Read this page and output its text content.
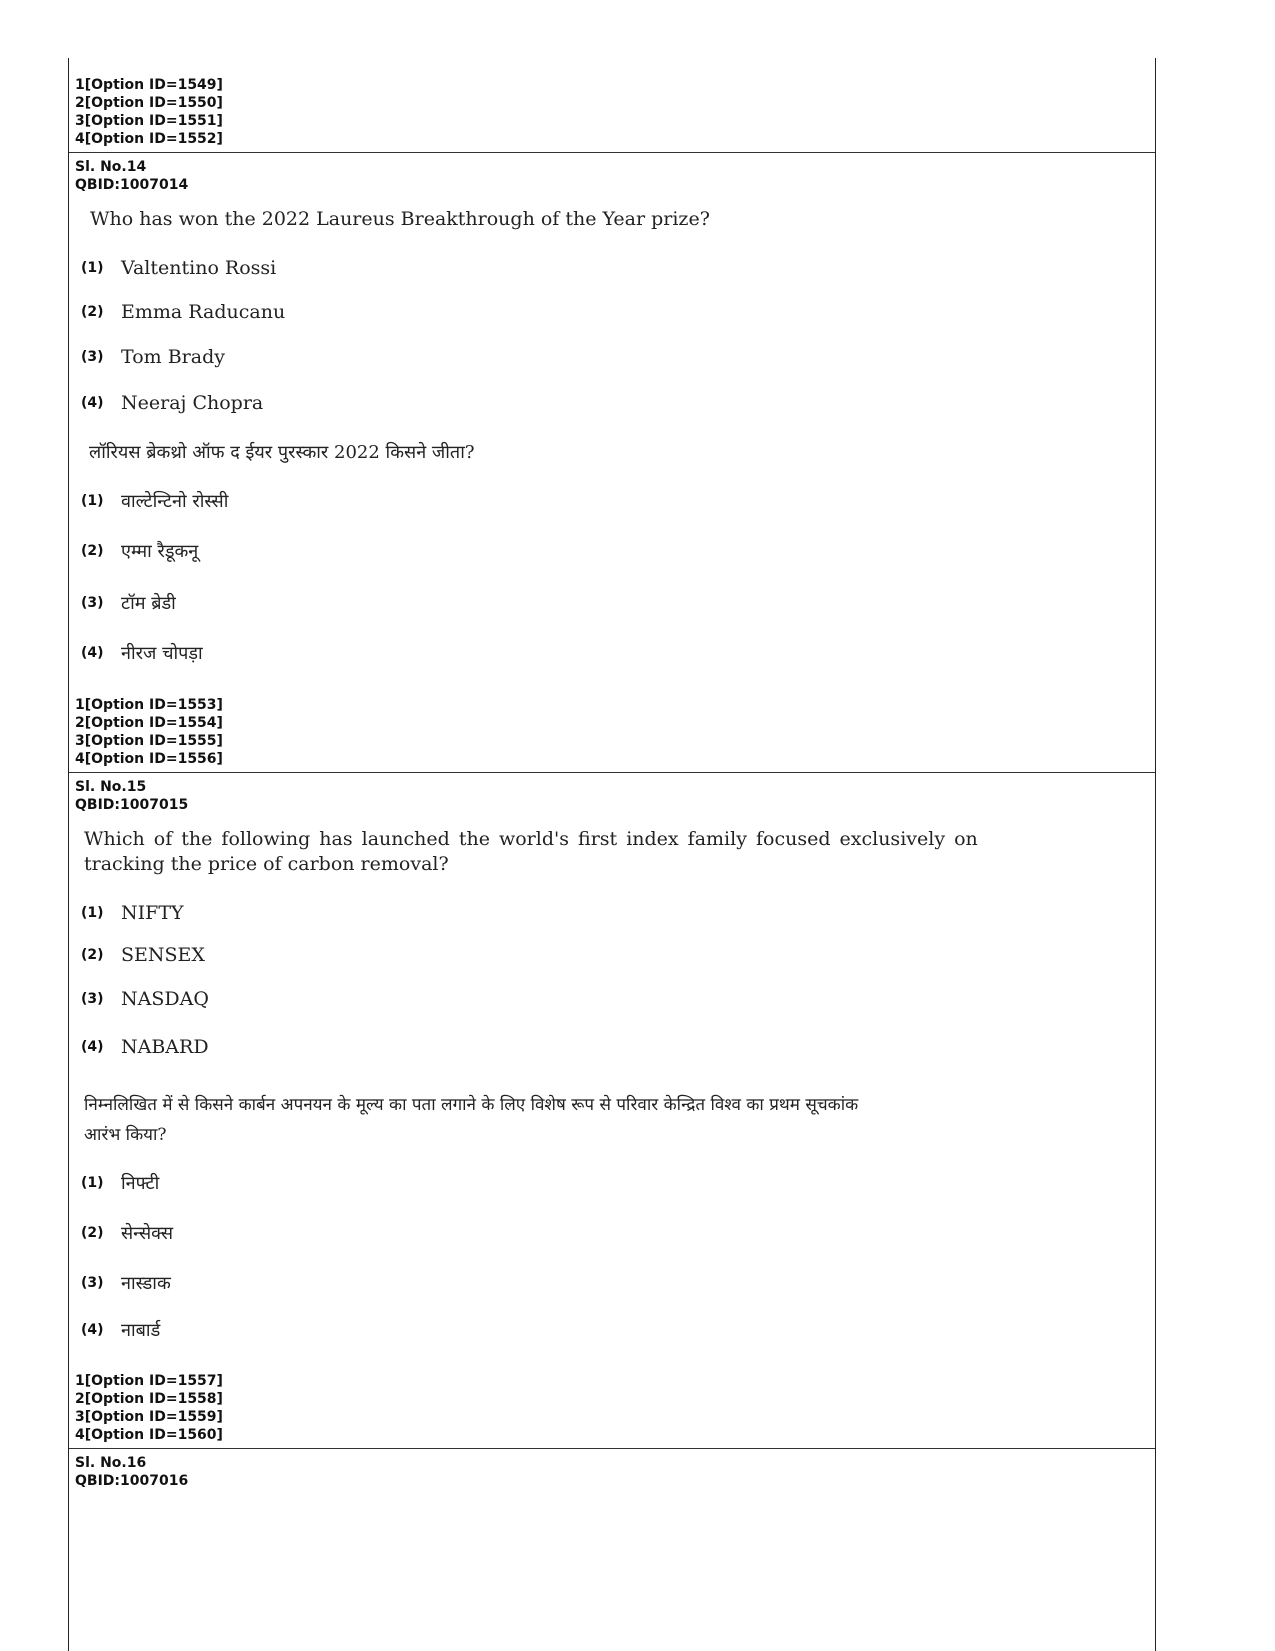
1[Option ID=1549]
2[Option ID=1550]
3[Option ID=1551]
4[Option ID=1552]
Sl. No.14
QBID:1007014
Who has won the 2022 Laureus Breakthrough of the Year prize?
(1) Valtentino Rossi
(2) Emma Raducanu
(3) Tom Brady
(4) Neeraj Chopra
लॉरियस ब्रेकथ्रो ऑफ द ईयर पुरस्कार 2022 किसने जीता?
(1) वाल्टेन्टिनो रोस्सी
(2) एम्मा रैडूकनू
(3) टॉम ब्रेडी
(4) नीरज चोपड़ा
1[Option ID=1553]
2[Option ID=1554]
3[Option ID=1555]
4[Option ID=1556]
Sl. No.15
QBID:1007015
Which of the following has launched the world's first index family focused exclusively on
tracking the price of carbon removal?
(1) NIFTY
(2) SENSEX
(3) NASDAQ
(4) NABARD
निम्नलिखित में से किसने कार्बन अपनयन के मूल्य का पता लगाने के लिए विशेष रूप से परिवार केन्द्रित विश्व का प्रथम सूचकांक
आरंभ किया?
(1) निफ्टी
(2) सेन्सेक्स
(3) नास्डाक
(4) नाबार्ड
1[Option ID=1557]
2[Option ID=1558]
3[Option ID=1559]
4[Option ID=1560]
Sl. No.16
QBID:1007016
